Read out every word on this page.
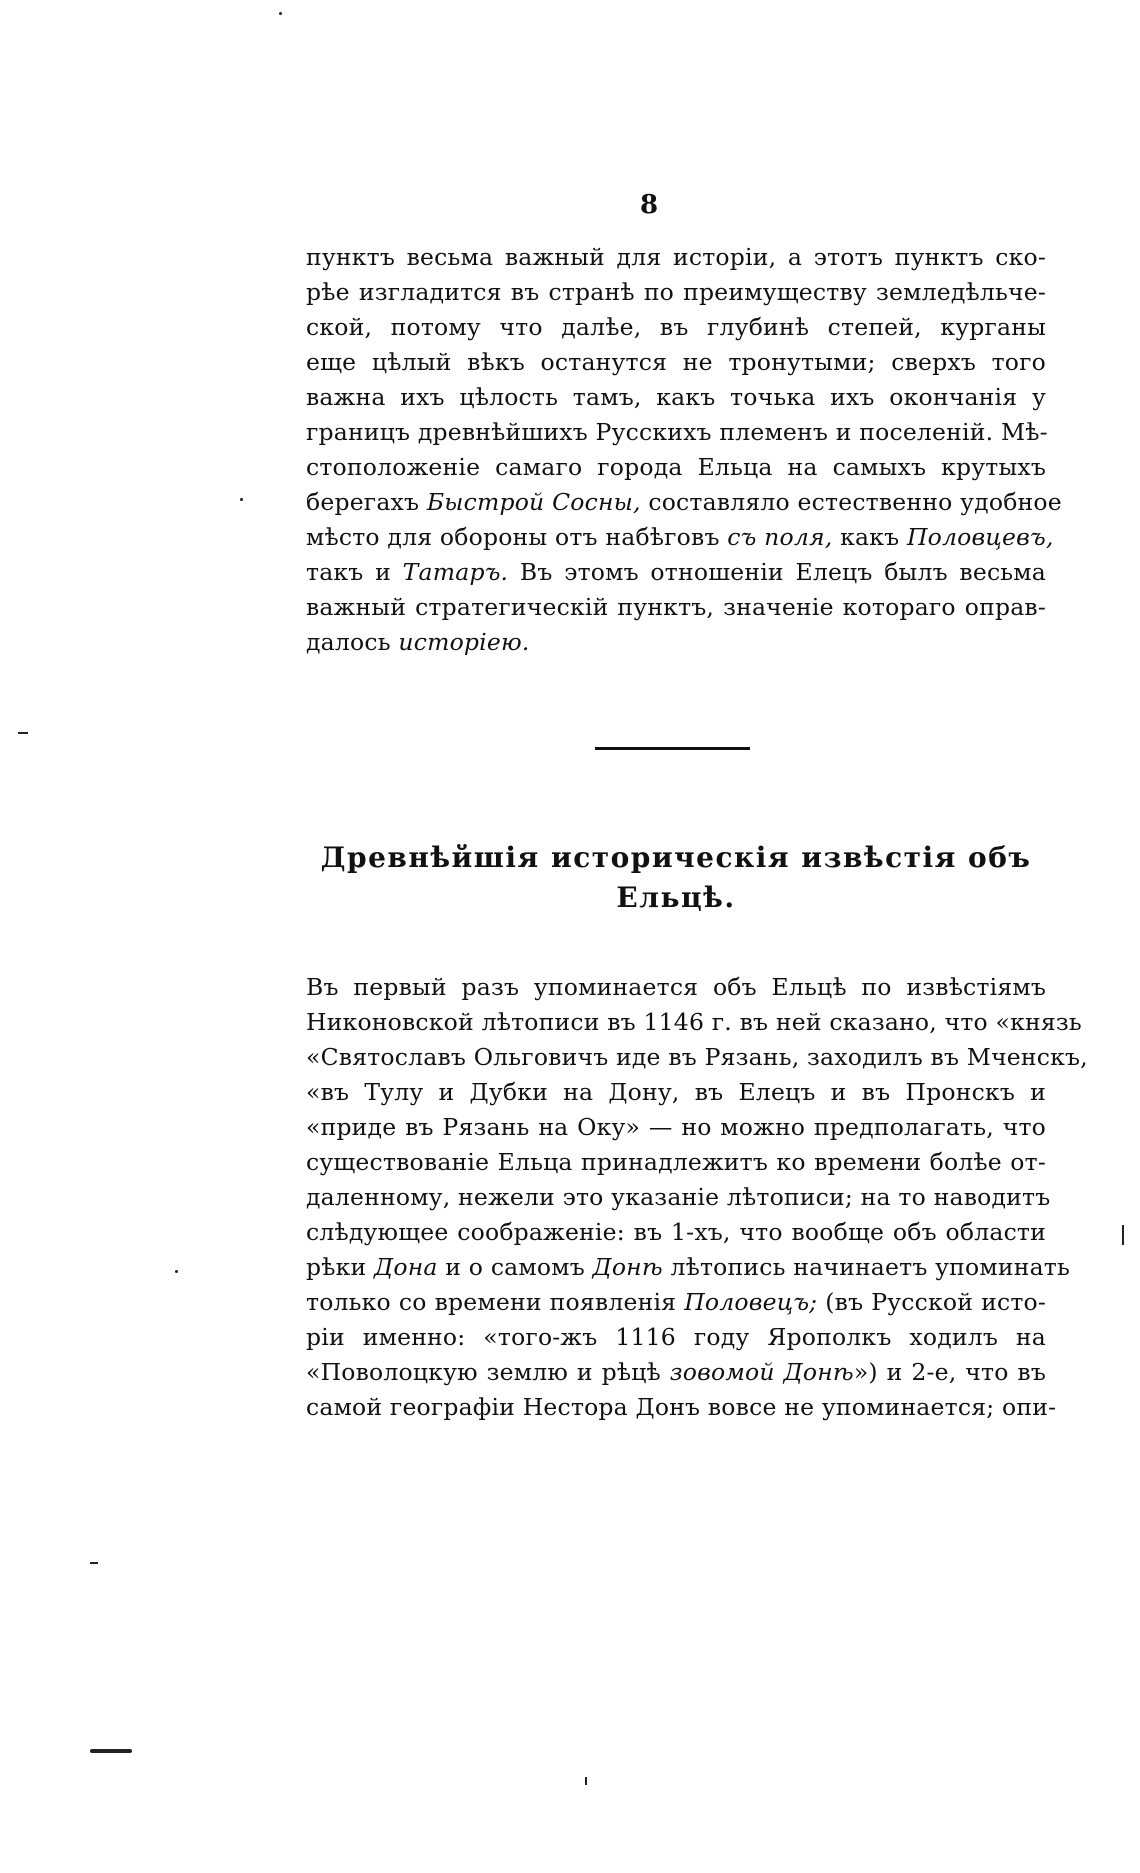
8
пунктъ весьма важный для исторіи, а этотъ пунктъ ско-
рѣе изгладится въ странѣ по преимуществу земледѣльче-
ской, потому что далѣе, въ глубинѣ степей, курганы
еще цѣлый вѣкъ останутся не тронутыми; сверхъ того
важна ихъ цѣлость тамъ, какъ точька ихъ окончанія у
границъ древнѣйшихъ Русскихъ племенъ и поселеній. Мѣ-
стоположеніе самаго города Ельца на самыхъ крутыхъ
берегахъ Быстрой Сосны, составляло естественно удобное
мѣсто для обороны отъ набѣговъ съ поля, какъ Половцевъ,
такъ и Татаръ. Въ этомъ отношеніи Елецъ былъ весьма
важный стратегическій пунктъ, значеніе котораго оправ-
далось исторіею.
Древнѣйшія историческія извѣстія объ
Ельцѣ.
Въ первый разъ упоминается объ Ельцѣ по извѣстіямъ
Никоновской лѣтописи въ 1146 г. въ ней сказано, что «князь
«Святославъ Ольговичъ иде въ Рязань, заходилъ въ Мченскъ,
«въ Тулу и Дубки на Дону, въ Елецъ и въ Пронскъ и
«приде въ Рязань на Оку» — но можно предполагать, что
существованіе Ельца принадлежитъ ко времени болѣе от-
даленному, нежели это указаніе лѣтописи; на то наводитъ
слѣдующее соображеніе: въ 1-хъ, что вообще объ области
рѣки Дона и о самомъ Донѣ лѣтопись начинаетъ упоминать
только со времени появленія Половецъ; (въ Русской исто-
ріи именно: «того-жъ 1116 году Ярополкъ ходилъ на
«Поволоцкую землю и рѣцѣ зовомой Донѣ») и 2-е, что въ
самой географіи Нестора Донъ вовсе не упоминается; опи-
